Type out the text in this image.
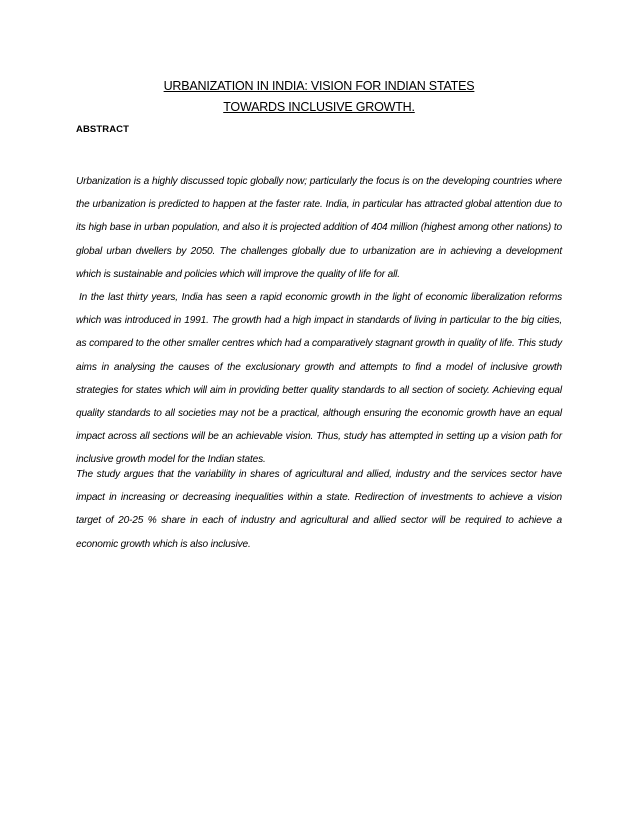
URBANIZATION IN INDIA: VISION FOR INDIAN STATES
TOWARDS INCLUSIVE GROWTH.
ABSTRACT

Urbanization is a highly discussed topic globally now; particularly the focus is on the developing countries where the urbanization is predicted to happen at the faster rate. India, in particular has attracted global attention due to its high base in urban population, and also it is projected addition of 404 million (highest among other nations) to global urban dwellers by 2050. The challenges globally due to urbanization are in achieving a development which is sustainable and policies which will improve the quality of life for all.

In the last thirty years, India has seen a rapid economic growth in the light of economic liberalization reforms which was introduced in 1991. The growth had a high impact in standards of living in particular to the big cities, as compared to the other smaller centres which had a comparatively stagnant growth in quality of life. This study aims in analysing the causes of the exclusionary growth and attempts to find a model of inclusive growth strategies for states which will aim in providing better quality standards to all section of society. Achieving equal quality standards to all societies may not be a practical, although ensuring the economic growth have an equal impact across all sections will be an achievable vision. Thus, study has attempted in setting up a vision path for inclusive growth model for the Indian states.

The study argues that the variability in shares of agricultural and allied, industry and the services sector have impact in increasing or decreasing inequalities within a state. Redirection of investments to achieve a vision target of 20-25 % share in each of industry and agricultural and allied sector will be required to achieve a economic growth which is also inclusive.
